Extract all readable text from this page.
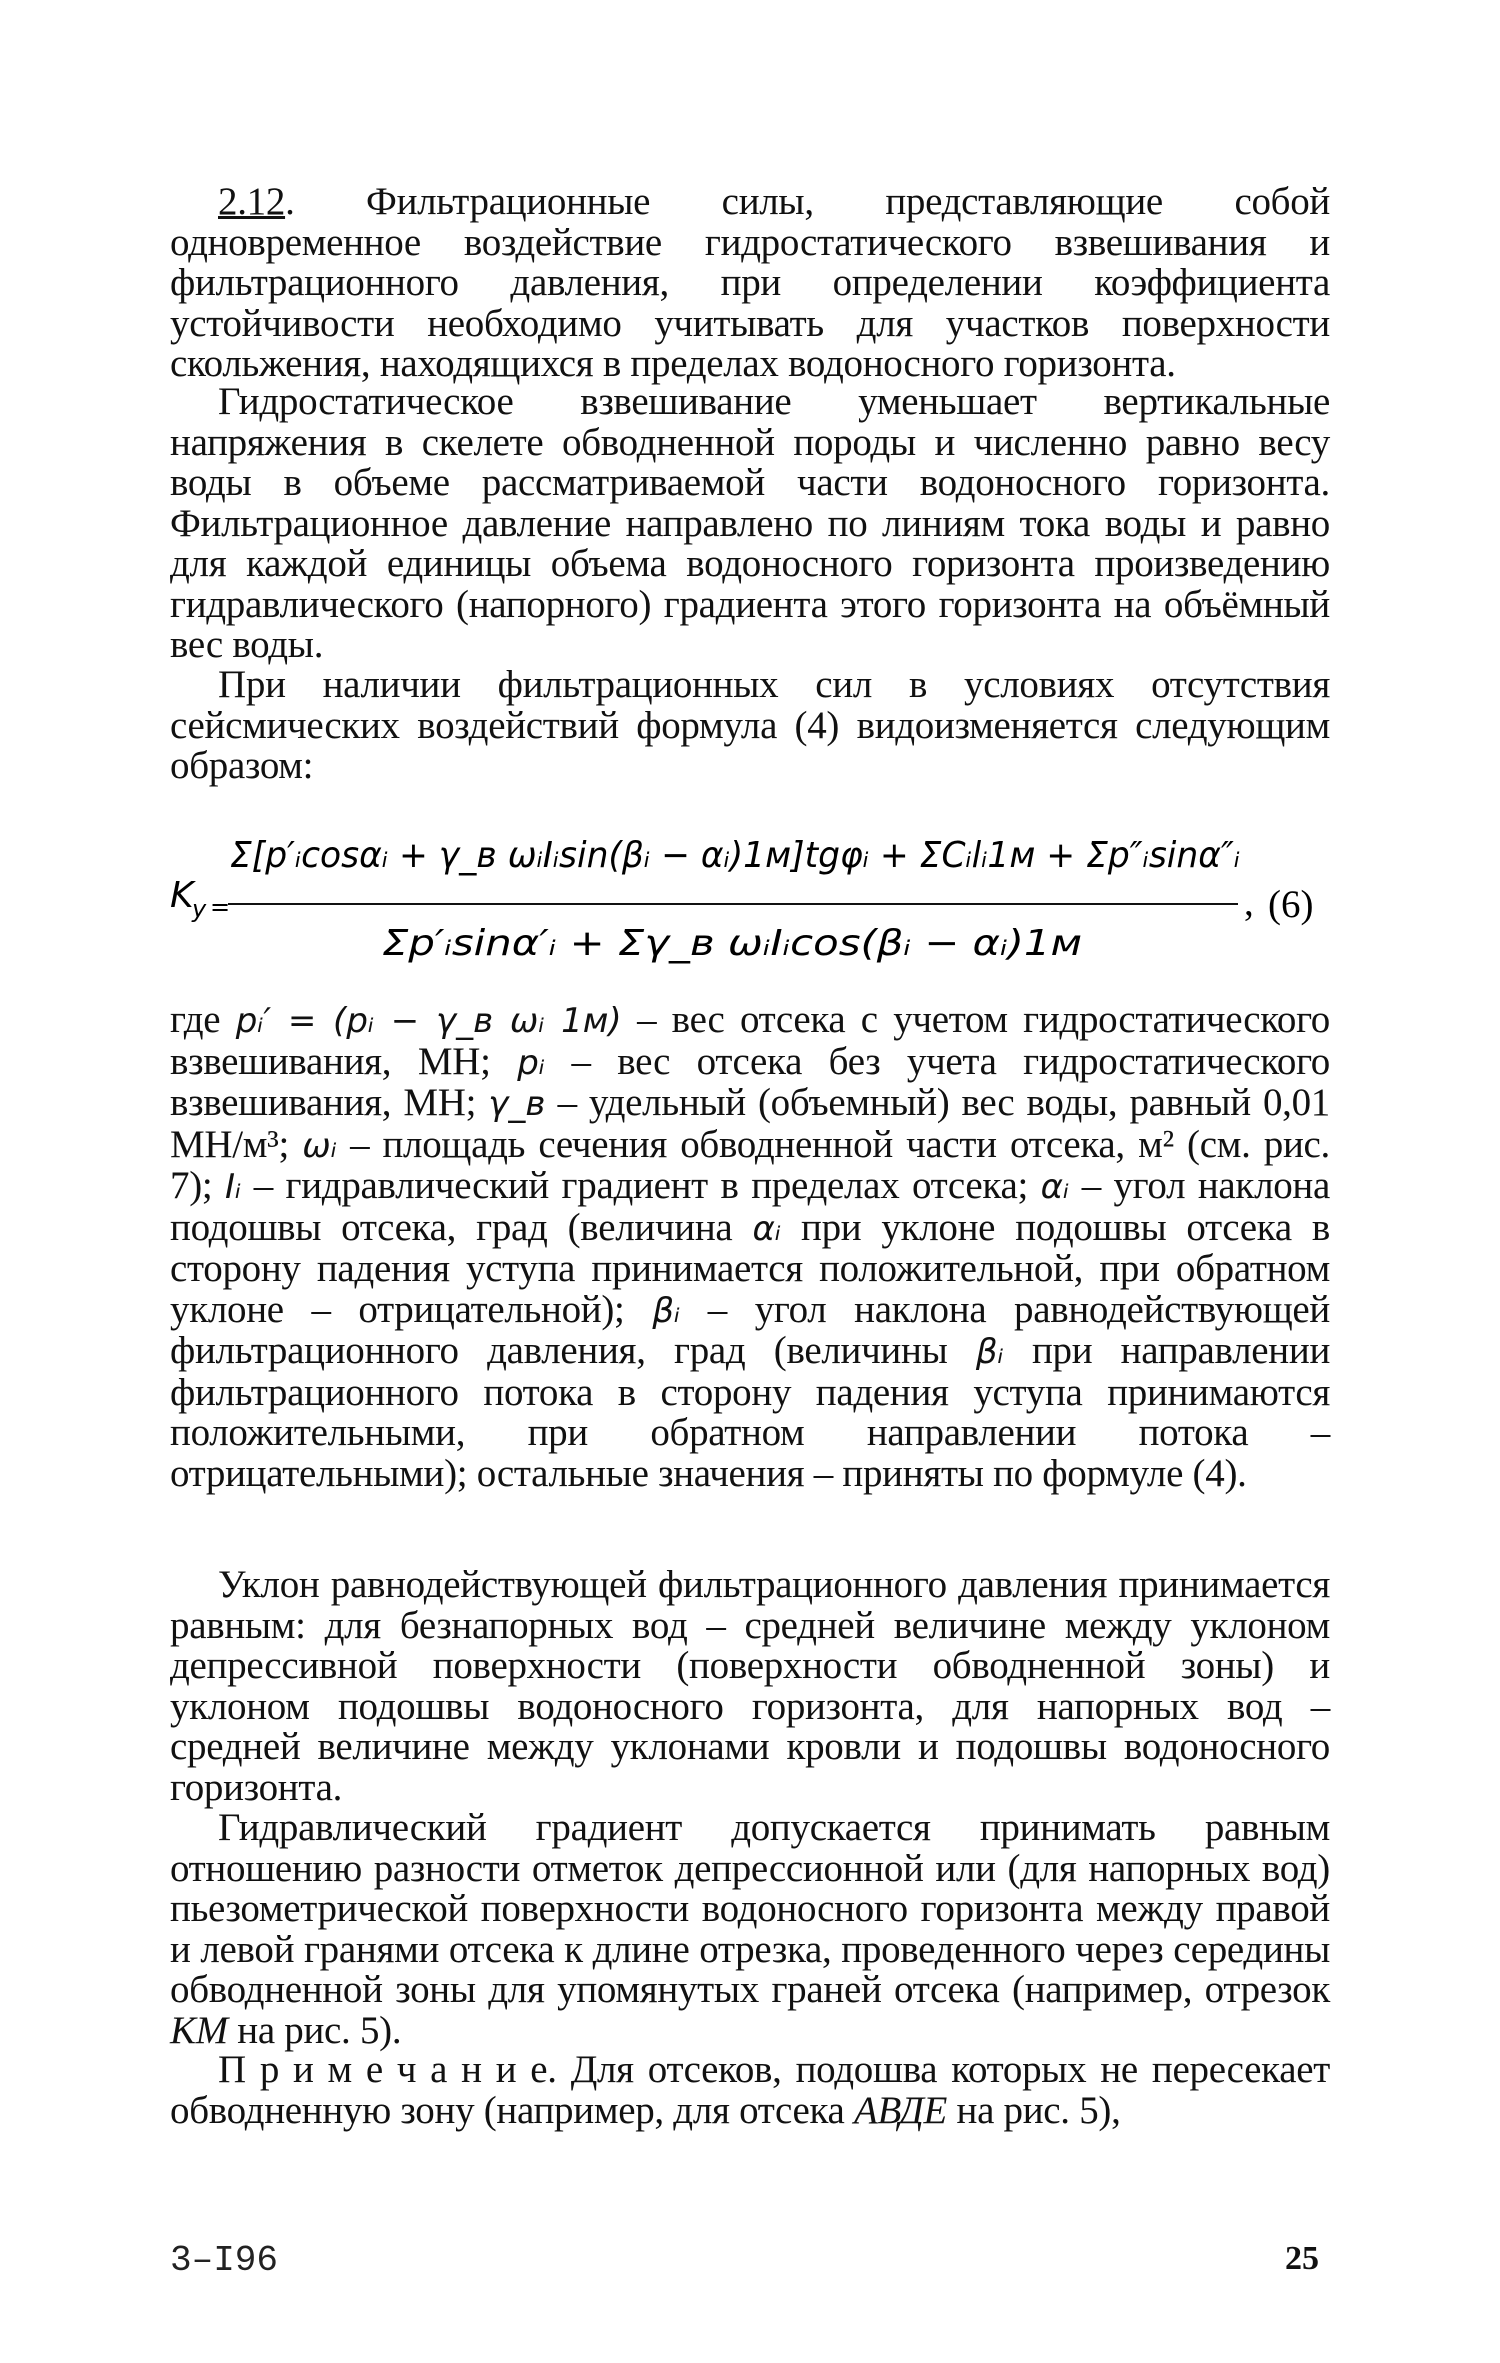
2.12. Фильтрационные силы, представляющие собой одновременное воздействие гидростатического взвешивания и фильтрационного давления, при определении коэффициента устойчивости необходимо учитывать для участков поверхности скольжения, находящихся в пределах водоносного горизонта.

Гидростатическое взвешивание уменьшает вертикальные напряжения в скелете обводненной породы и численно равно весу воды в объеме рассматриваемой части водоносного горизонта. Фильтрационное давление направлено по линиям тока воды и равно для каждой единицы объема водоносного горизонта произведению гидравлического (напорного) градиента этого горизонта на объёмный вес воды.

При наличии фильтрационных сил в условиях отсутствия сейсмических воздействий формула (4) видоизменяется следующим образом:

K
y =
Σ[p′ᵢcosαᵢ + γ_в ωᵢIᵢsin(βᵢ − αᵢ)1м]tgφᵢ + ΣCᵢlᵢ1м + Σp″ᵢsinα″ᵢ
Σp′ᵢsinα′ᵢ + Σγ_в ωᵢIᵢcos(βᵢ − αᵢ)1м
, (6)

где pᵢ′ = (pᵢ − γ_в ωᵢ 1м) – вес отсека с учетом гидростатического взвешивания, МН; pᵢ – вес отсека без учета гидростатического взвешивания, МН; γ_в – удельный (объемный) вес воды, равный 0,01 МН/м³; ωᵢ – площадь сечения обводненной части отсека, м² (см. рис. 7); Iᵢ – гидравлический градиент в пределах отсека; αᵢ – угол наклона подошвы отсека, град (величина αᵢ при уклоне подошвы отсека в сторону падения уступа принимается положительной, при обратном уклоне – отрицательной); βᵢ – угол наклона равнодействующей фильтрационного давления, град (величины βᵢ при направлении фильтрационного потока в сторону падения уступа принимаются положительными, при обратном направлении потока – отрицательными); остальные значения – приняты по формуле (4).

Уклон равнодействующей фильтрационного давления принимается равным: для безнапорных вод – средней величине между уклоном депрессивной поверхности (поверхности обводненной зоны) и уклоном подошвы водоносного горизонта, для напорных вод – средней величине между уклонами кровли и подошвы водоносного горизонта.

Гидравлический градиент допускается принимать равным отношению разности отметок депрессионной или (для напорных вод) пьезометрической поверхности водоносного горизонта между правой и левой гранями отсека к длине отрезка, проведенного через середины обводненной зоны для упомянутых граней отсека (например, отрезок КМ на рис. 5).

П р и м е ч а н и е. Для отсеков, подошва которых не пересекает обводненную зону (например, для отсека АВДЕ на рис. 5),

3–I96	25
